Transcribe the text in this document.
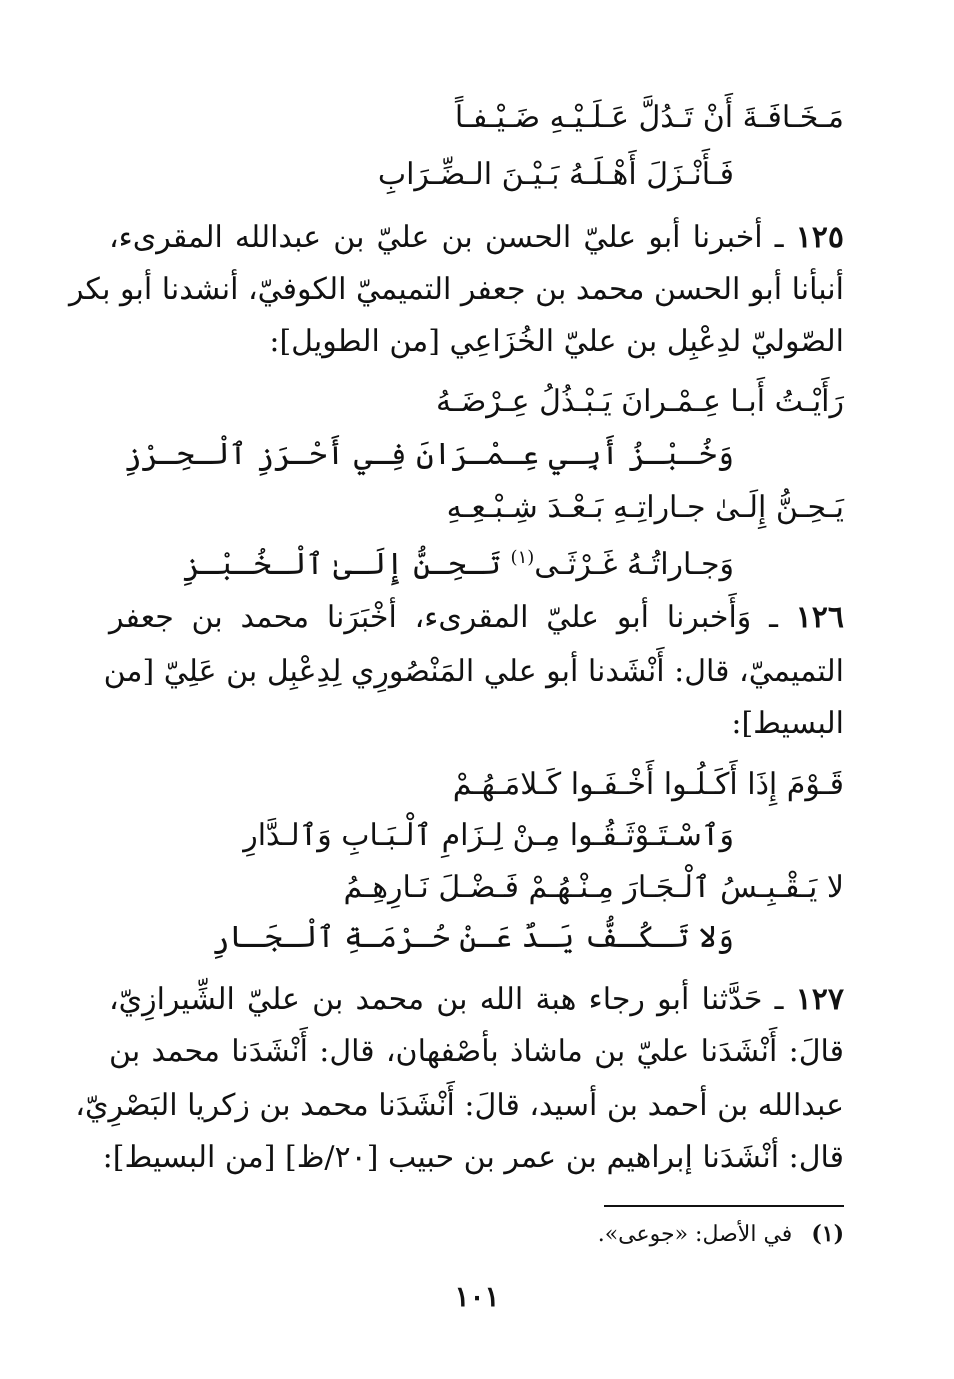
مَـخَـافَـةَ أَنْ تَـدُلَّ عَـلَـيْـهِ ضَـيْـفـاً
فَـأَنْـزَلَ أَهْـلَـهُ بَـيْـنَ الـضِّـرَابِ
١٢٥ ـ أخبرنا أبو عليّ الحسن بن عليّ بن عبدالله المقرىء،
أنبأنا أبو الحسن محمد بن جعفر التميميّ الكوفيّ، أنشدنا أبو بكر
الصّوليّ لدِعْبِل بن عليّ الخُزَاعِي [من الطويل]:
رَأَيْـتُ أَبـا عِـمْـرانَ يَـبْـذُلُ عِـرْضَـهُ
وَخُـبْـزُ أَبِـي عِـمْـرَانَ فِـي أَحْـرَزِ ٱلْـحِـرْزِ
يَـحِـنُّ إِلَـىٰ جـاراتِـهِ بَـعْـدَ شِـبْـعِـهِ
وَجـاراتُـهُ غَـرْثَـى$^{(١)}$ تَـحِـنُّ إِلَـىٰ ٱلْـخُـبْـزِ
١٢٦ ـ وَأَخبرنا أبو عليّ المقرىء، أخْبَرَنا محمد بن جعفر
التميميّ، قال: أَنْشَدنا أبو علي المَنْصُورِي لِدِعْبِل بن عَلِيّ [من
البسيط]:
قَـوْمَ إِذَا أَكَـلُـوا أَخْـفَـوا كَـلامَـهُـمْ
وَٱسْـتَـوْثَـقُـوا مِـنْ لِـزَامِ ٱلْـبَـابِ وَٱلـدَّارِ
لا يَـقْـبِـسُ ٱلْـجَـارَ مِـنْـهُـمْ فَـضْـلَ نَـارِهِـمُ
وَلا تَـكُـفُّ يَـدٌ عَـنْ حُـرْمَـةِ ٱلْـجَـارِ
١٢٧ ـ حَدَّثنا أبو رجاء هبة الله بن محمد بن عليّ الشِّيرازِيّ،
قالَ: أَنْشَدَنا عليّ بن ماشاذ بأصْفهان، قال: أَنْشَدَنا محمد بن
عبدالله بن أحمد بن أسيد، قالَ: أَنْشَدَنا محمد بن زكريا البَصْرِيّ،
قال: أنْشَدَنا إبراهيم بن عمر بن حبيب [٢٠/ظ] [من البسيط]:
(١) في الأصل: «جوعى».
١٠١
